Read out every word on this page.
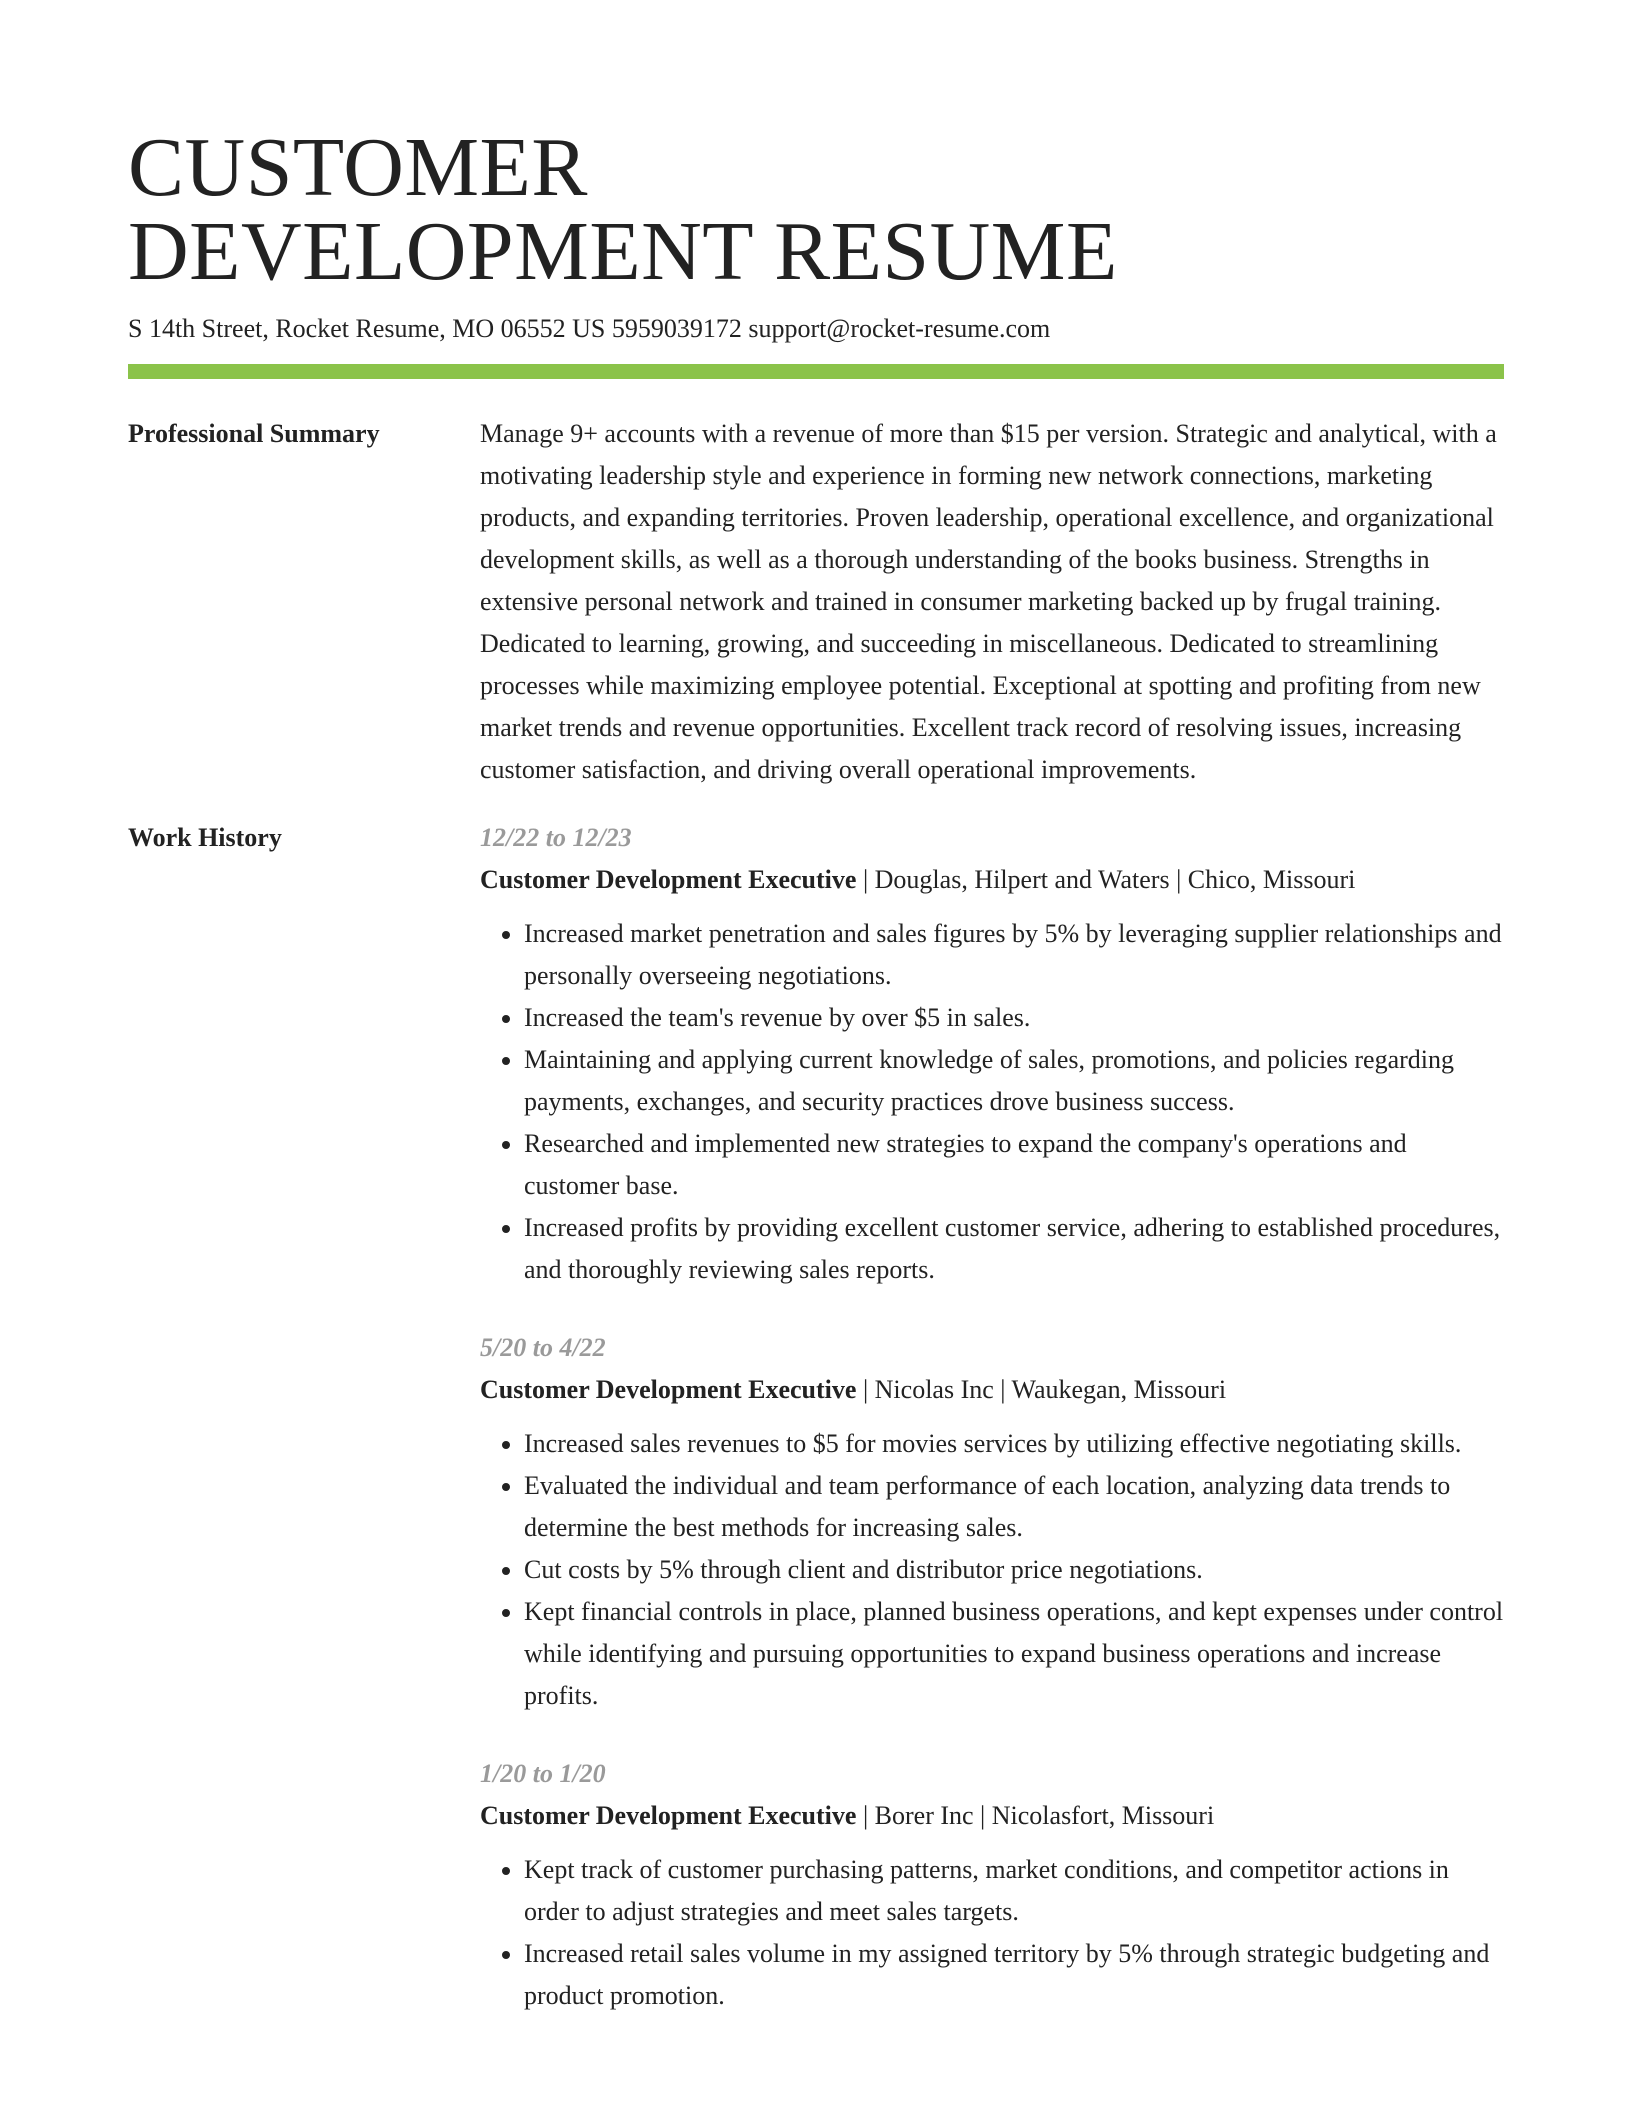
CUSTOMER
DEVELOPMENT RESUME
S 14th Street, Rocket Resume, MO 06552 US 5959039172 support@rocket-resume.com
Professional Summary	Manage 9+ accounts with a revenue of more than $15 per version. Strategic and analytical, with a motivating leadership style and experience in forming new network connections, marketing products, and expanding territories. Proven leadership, operational excellence, and organizational development skills, as well as a thorough understanding of the books business. Strengths in extensive personal network and trained in consumer marketing backed up by frugal training. Dedicated to learning, growing, and succeeding in miscellaneous. Dedicated to streamlining processes while maximizing employee potential. Exceptional at spotting and profiting from new market trends and revenue opportunities. Excellent track record of resolving issues, increasing customer satisfaction, and driving overall operational improvements.

Work History	12/22 to 12/23
Customer Development Executive | Douglas, Hilpert and Waters | Chico, Missouri
• Increased market penetration and sales figures by 5% by leveraging supplier relationships and personally overseeing negotiations.
• Increased the team's revenue by over $5 in sales.
• Maintaining and applying current knowledge of sales, promotions, and policies regarding payments, exchanges, and security practices drove business success.
• Researched and implemented new strategies to expand the company's operations and customer base.
• Increased profits by providing excellent customer service, adhering to established procedures, and thoroughly reviewing sales reports.
5/20 to 4/22
Customer Development Executive | Nicolas Inc | Waukegan, Missouri
• Increased sales revenues to $5 for movies services by utilizing effective negotiating skills.
• Evaluated the individual and team performance of each location, analyzing data trends to determine the best methods for increasing sales.
• Cut costs by 5% through client and distributor price negotiations.
• Kept financial controls in place, planned business operations, and kept expenses under control while identifying and pursuing opportunities to expand business operations and increase profits.
1/20 to 1/20
Customer Development Executive | Borer Inc | Nicolasfort, Missouri
• Kept track of customer purchasing patterns, market conditions, and competitor actions in order to adjust strategies and meet sales targets.
• Increased retail sales volume in my assigned territory by 5% through strategic budgeting and product promotion.
